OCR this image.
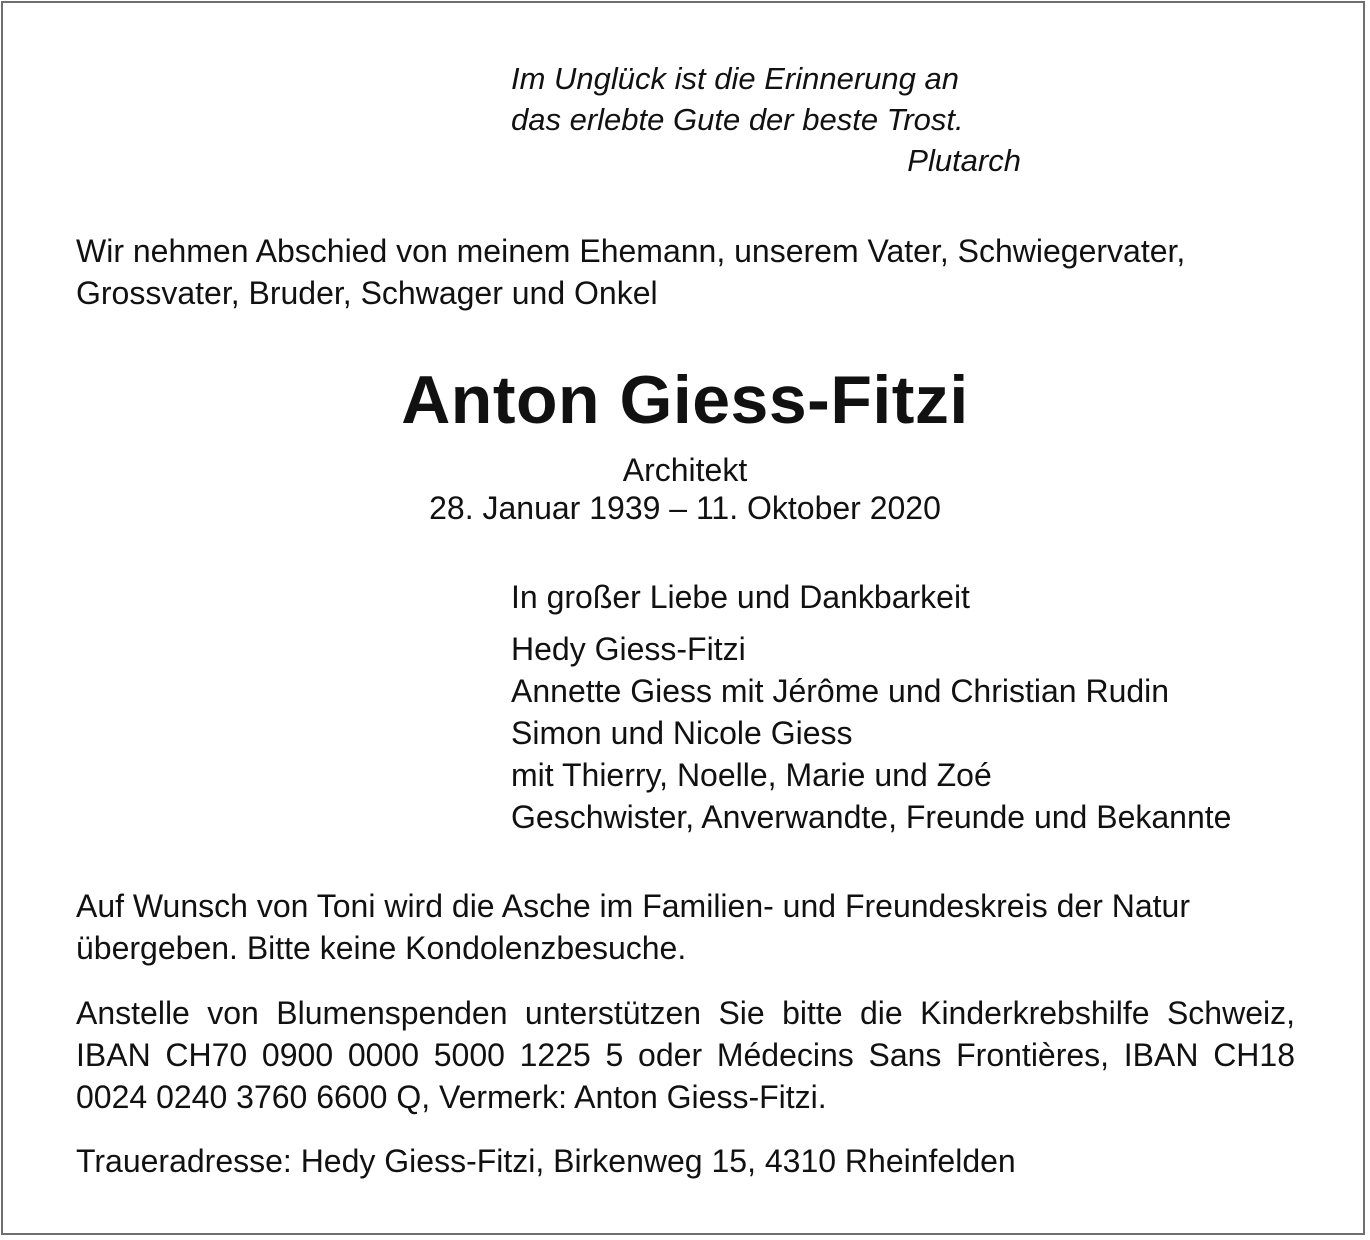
Im Unglück ist die Erinnerung an
das erlebte Gute der beste Trost.
Plutarch
Wir nehmen Abschied von meinem Ehemann, unserem Vater, Schwiegervater, Grossvater, Bruder, Schwager und Onkel
Anton Giess-Fitzi
Architekt
28. Januar 1939 – 11. Oktober 2020
In großer Liebe und Dankbarkeit
Hedy Giess-Fitzi
Annette Giess mit Jérôme und Christian Rudin
Simon und Nicole Giess
mit Thierry, Noelle, Marie und Zoé
Geschwister, Anverwandte, Freunde und Bekannte
Auf Wunsch von Toni wird die Asche im Familien- und Freundeskreis der Natur übergeben. Bitte keine Kondolenzbesuche.
Anstelle von Blumenspenden unterstützen Sie bitte die Kinderkrebshilfe Schweiz, IBAN CH70 0900 0000 5000 1225 5 oder Médecins Sans Frontières, IBAN CH18 0024 0240 3760 6600 Q, Vermerk: Anton Giess-Fitzi.
Traueradresse: Hedy Giess-Fitzi, Birkenweg 15, 4310 Rheinfelden
